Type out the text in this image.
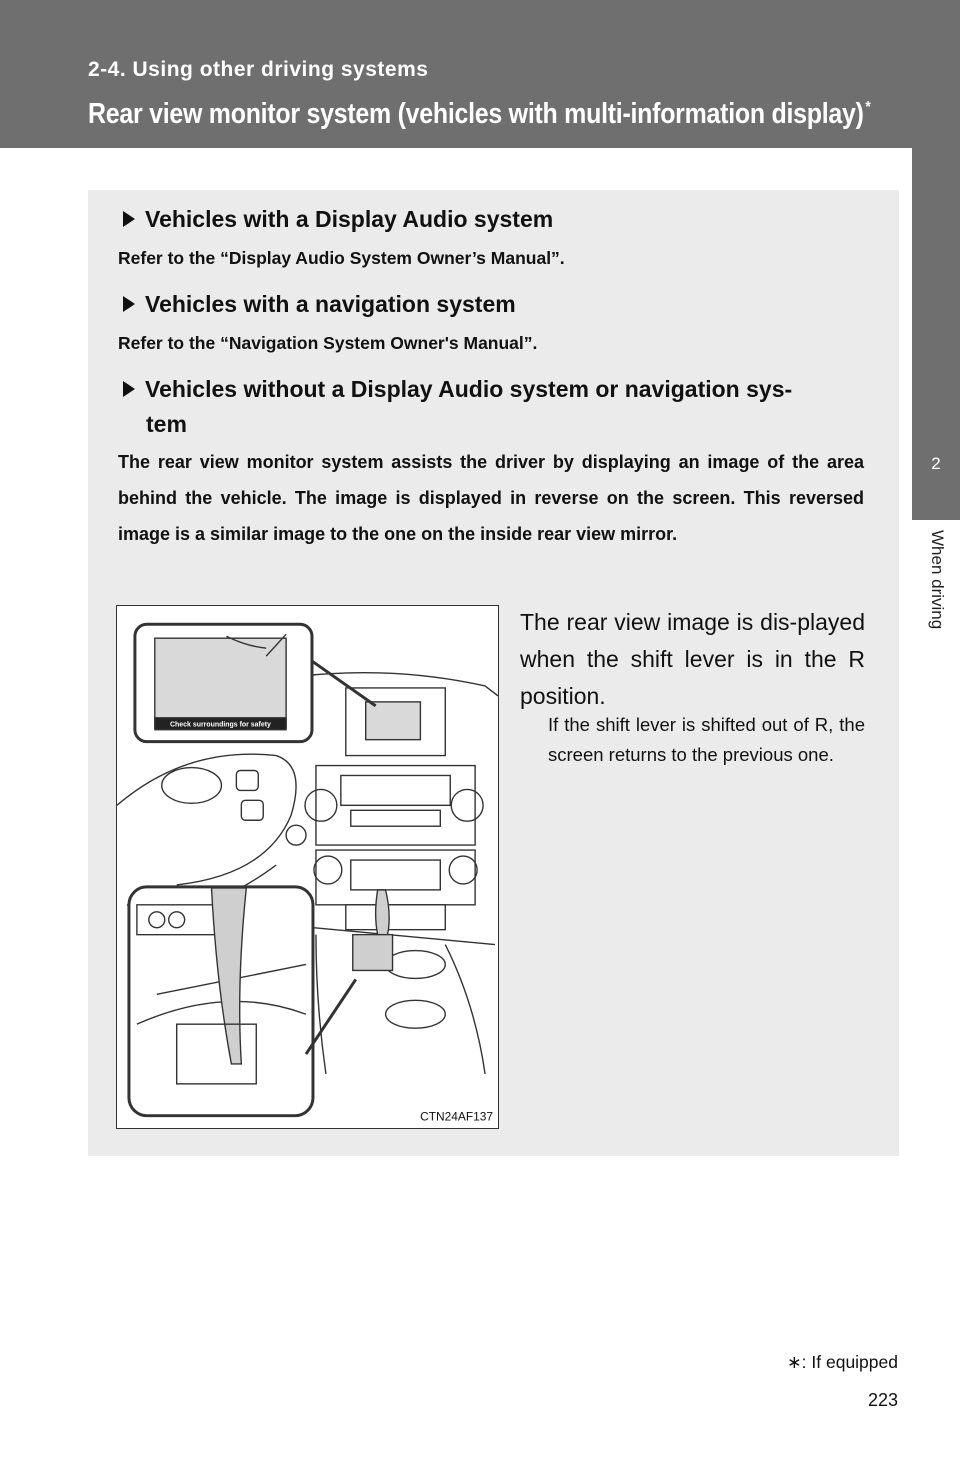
2-4. Using other driving systems
Rear view monitor system (vehicles with multi-information display) *
2
When driving
Vehicles with a Display Audio system
Refer to the “Display Audio System Owner’s Manual”.
Vehicles with a navigation system
Refer to the “Navigation System Owner's Manual”.
Vehicles without a Display Audio system or navigation sys-
tem
The rear view monitor system assists the driver by displaying an image of the area behind the vehicle. The image is displayed in reverse on the screen. This reversed image is a similar image to the one on the inside rear view mirror.
Check surroundings for safety
CTN24AF137
The rear view image is dis-played when the shift lever is in the R position.
If the shift lever is shifted out of R, the screen returns to the previous one.
∗: If equipped
223
